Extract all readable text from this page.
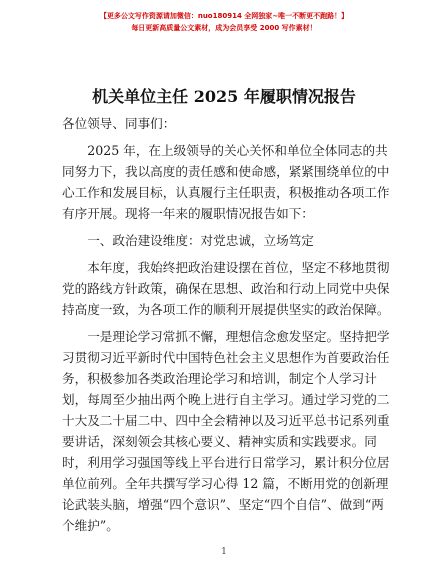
【更多公文写作资源请加微信：nuo180914 全网独家~唯一不断更不跑路！】
每日更新高质量公文素材，成为会员享受 2000 写作素材！
机关单位主任 2025 年履职情况报告

各位领导、同事们：

2025 年，在上级领导的关心关怀和单位全体同志的共同努力下，我以高度的责任感和使命感，紧紧围绕单位的中心工作和发展目标，认真履行主任职责，积极推动各项工作有序开展。现将一年来的履职情况报告如下：

一、政治建设维度：对党忠诚，立场笃定

本年度，我始终把政治建设摆在首位，坚定不移地贯彻党的路线方针政策，确保在思想、政治和行动上同党中央保持高度一致，为各项工作的顺利开展提供坚实的政治保障。

一是理论学习常抓不懈，理想信念愈发坚定。坚持把学习贯彻习近平新时代中国特色社会主义思想作为首要政治任务，积极参加各类政治理论学习和培训，制定个人学习计划，每周至少抽出两个晚上进行自主学习。通过学习党的二十大及二十届二中、四中全会精神以及习近平总书记系列重要讲话，深刻领会其核心要义、精神实质和实践要求。同时，利用学习强国等线上平台进行日常学习，累计积分位居单位前列。全年共撰写学习心得 12 篇，不断用党的创新理论武装头脑，增强“四个意识”、坚定“四个自信”、做到“两个维护”。

1
